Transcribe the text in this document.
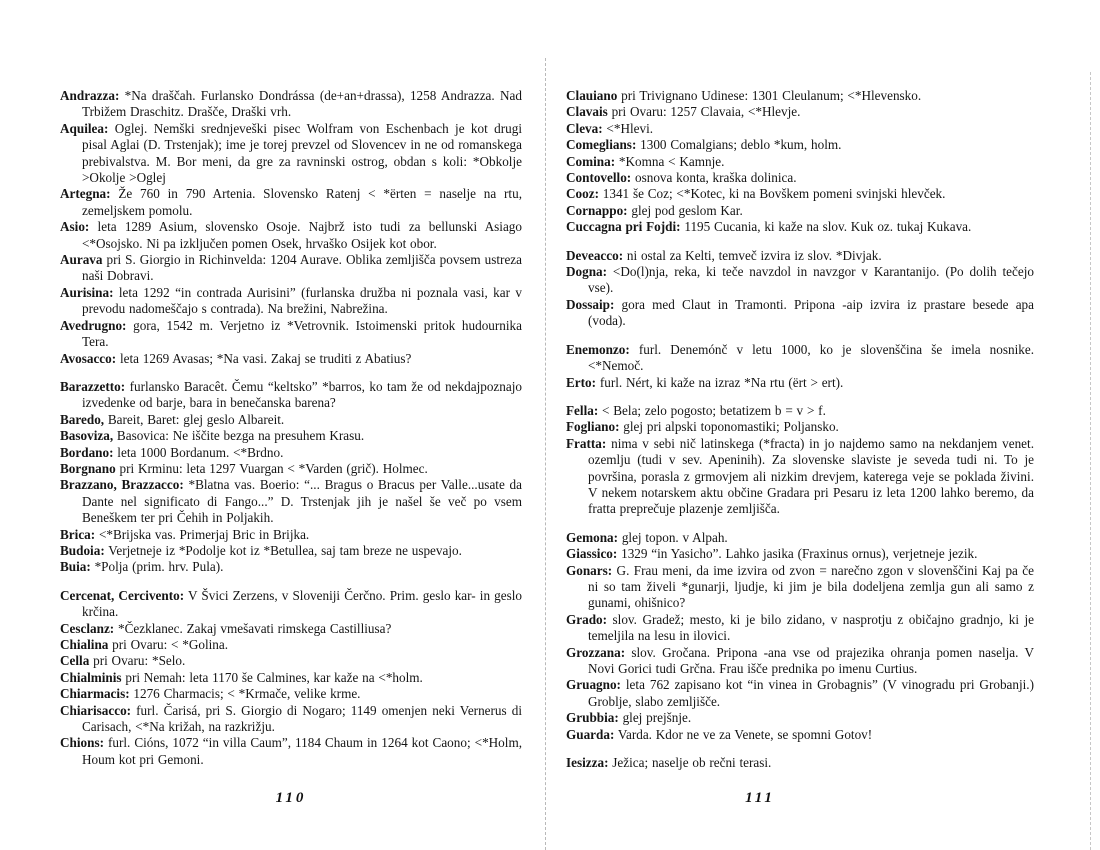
Andrazza: *Na draščah. Furlansko Dondrássa (de+an+drassa), 1258 Andrazza. Nad Trbižem Draschitz. Drašče, Draški vrh.

Aquilea: Oglej. Nemški srednjeveški pisec Wolfram von Eschenbach je kot drugi pisal Aglai (D. Trstenjak); ime je torej prevzel od Slovencev in ne od romanskega prebivalstva. M. Bor meni, da gre za ravninski ostrog, obdan s koli: *Obkolje >Okolje >Oglej

Artegna: Že 760 in 790 Artenia. Slovensko Ratenj < *ërten = naselje na rtu, zemeljskem pomolu.

Asio: leta 1289 Asium, slovensko Osoje. Najbrž isto tudi za bellunski Asiago <*Osojsko. Ni pa izključen pomen Osek, hrvaško Osijek kot obor.

Aurava pri S. Giorgio in Richinvelda: 1204 Aurave. Oblika zemljišča povsem ustreza naši Dobravi.

Aurisina: leta 1292 “in contrada Aurisini” (furlanska družba ni poznala vasi, kar v prevodu nadomeščajo s contrada). Na brežini, Nabrežina.

Avedrugno: gora, 1542 m. Verjetno iz *Vetrovnik. Istoimenski pritok hudournika Tera.

Avosacco: leta 1269 Avasas; *Na vasi. Zakaj se truditi z Abatius?

Barazzetto: furlansko Baracêt. Čemu “keltsko” *barros, ko tam že od nekdajpoznajo izvedenke od barje, bara in benečanska barena?

Baredo, Bareit, Baret: glej geslo Albareit.

Basoviza, Basovica: Ne iščite bezga na presuhem Krasu.

Bordano: leta 1000 Bordanum. <*Brdno.

Borgnano pri Krminu: leta 1297 Vuargan < *Varden (grič). Holmec.

Brazzano, Brazzacco: *Blatna vas. Boerio: “... Bragus o Bracus per Valle...usate da Dante nel significato di Fango...” D. Trstenjak jih je našel še več po vsem Beneškem ter pri Čehih in Poljakih.

Brica: <*Brijska vas. Primerjaj Bric in Brijka.

Budoia: Verjetneje iz *Podolje kot iz *Betullea, saj tam breze ne uspevajo.

Buia: *Polja (prim. hrv. Pula).

Cercenat, Cercivento: V Švici Zerzens, v Sloveniji Čerčno. Prim. geslo kar- in geslo krčina.

Cesclanz: *Čezklanec. Zakaj vmešavati rimskega Castilliusa?

Chialina pri Ovaru: < *Golina.

Cella pri Ovaru: *Selo.

Chialminis pri Nemah: leta 1170 še Calmines, kar kaže na <*holm.

Chiarmacis: 1276 Charmacis; < *Krmače, velike krme.

Chiarisacco: furl. Čarisá, pri S. Giorgio di Nogaro; 1149 omenjen neki Vernerus di Carisach, <*Na križah, na razkrižju.

Chions: furl. Cións, 1072 “in villa Caum”, 1184 Chaum in 1264 kot Caono; <*Holm, Houm kot pri Gemoni.

110

Clauiano pri Trivignano Udinese: 1301 Cleulanum; <*Hlevensko.

Clavais pri Ovaru: 1257 Clavaia, <*Hlevje.

Cleva: <*Hlevi.

Comeglians: 1300 Comalgians; deblo *kum, holm.

Comina: *Komna < Kamnje.

Contovello: osnova konta, kraška dolinica.

Cooz: 1341 še Coz; <*Kotec, ki na Bovškem pomeni svinjski hlevček.

Cornappo: glej pod geslom Kar.

Cuccagna pri Fojdi: 1195 Cucania, ki kaže na slov. Kuk oz. tukaj Kukava.

Deveacco: ni ostal za Kelti, temveč izvira iz slov. *Divjak.

Dogna: <Do(l)nja, reka, ki teče navzdol in navzgor v Karantanijo. (Po dolih tečejo vse).

Dossaip: gora med Claut in Tramonti. Pripona -aip izvira iz prastare besede apa (voda).

Enemonzo: furl. Denemónč v letu 1000, ko je slovenščina še imela nosnike. <*Nemoč.

Erto: furl. Nért, ki kaže na izraz *Na rtu (ërt > ert).

Fella: < Bela; zelo pogosto; betatizem b = v > f.

Fogliano: glej pri alpski toponomastiki; Poljansko.

Fratta: nima v sebi nič latinskega (*fracta) in jo najdemo samo na nekdanjem venet. ozemlju (tudi v sev. Apeninih). Za slovenske slaviste je seveda tudi ni. To je površina, porasla z grmovjem ali nizkim drevjem, katerega veje se poklada živini. V nekem notarskem aktu občine Gradara pri Pesaru iz leta 1200 lahko beremo, da fratta preprečuje plazenje zemljišča.

Gemona: glej topon. v Alpah.

Giassico: 1329 “in Yasicho”. Lahko jasika (Fraxinus ornus), verjetneje jezik.

Gonars: G. Frau meni, da ime izvira od zvon = narečno zgon v slovenščini Kaj pa če ni so tam živeli *gunarji, ljudje, ki jim je bila dodeljena zemlja gun ali samo z gunami, ohišnico?

Grado: slov. Gradež; mesto, ki je bilo zidano, v nasprotju z običajno gradnjo, ki je temeljila na lesu in ilovici.

Grozzana: slov. Gročana. Pripona -ana vse od prajezika ohranja pomen naselja. V Novi Gorici tudi Grčna. Frau išče prednika po imenu Curtius.

Gruagno: leta 762 zapisano kot “in vinea in Grobagnis” (V vinogradu pri Grobanji.) Groblje, slabo zemljišče.

Grubbia: glej prejšnje.

Guarda: Varda. Kdor ne ve za Venete, se spomni Gotov!

Iesizza: Ježica; naselje ob rečni terasi.

111
